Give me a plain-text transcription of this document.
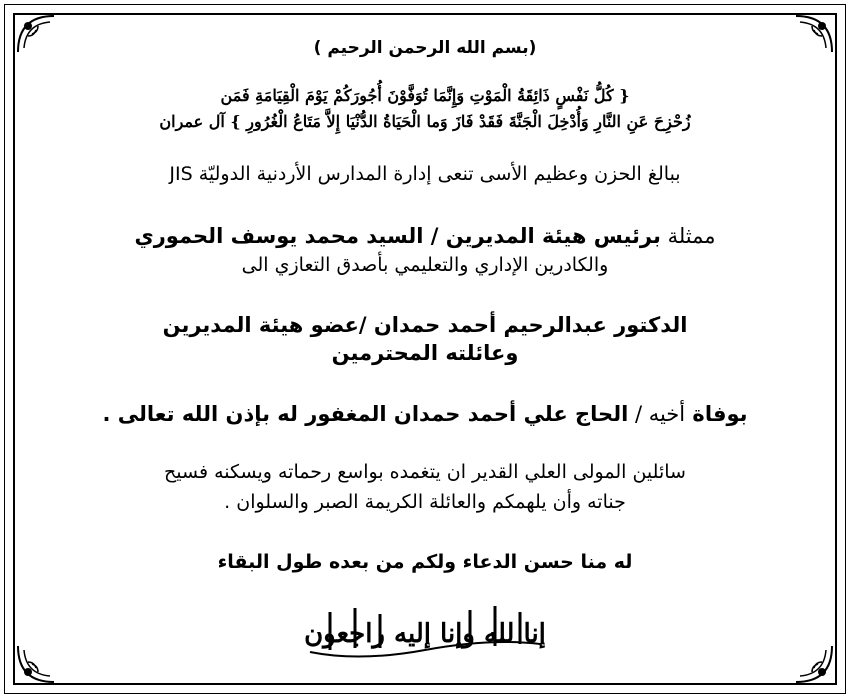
(بسم الله الرحمن الرحيم )
{ كُلُّ نَفْسٍ ذَائِقَةُ الْمَوْتِ وَإِنَّمَا تُوَفَّوْنَ أُجُورَكُمْ يَوْمَ الْقِيَامَةِ فَمَن
زُحْزِحَ عَنِ النَّارِ وَأُدْخِلَ الْجَنَّةَ فَقَدْ فَازَ وَما الْحَيَاةُ الدُّنْيَا إِلاَّ مَتَاعُ الْغُرُورِ } آل عمران
ببالغ الحزن وعظيم الأسى تنعى إدارة المدارس الأردنية الدوليّة JIS
ممثلة برئيس هيئة المديرين / السيد محمد يوسف الحموري
والكادرين الإداري والتعليمي بأصدق التعازي الى
الدكتور عبدالرحيم أحمد حمدان /عضو هيئة المديرين
وعائلته المحترمين
بوفاة أخيه / الحاج علي أحمد حمدان المغفور له بإذن الله تعالى .
سائلين المولى العلي القدير ان يتغمده بواسع رحماته ويسكنه فسيح
جناته وأن يلهمكم والعائلة الكريمة الصبر والسلوان .
له منا حسن الدعاء ولكم من بعده طول البقاء
إنا لله وإنا إليه راجعون
